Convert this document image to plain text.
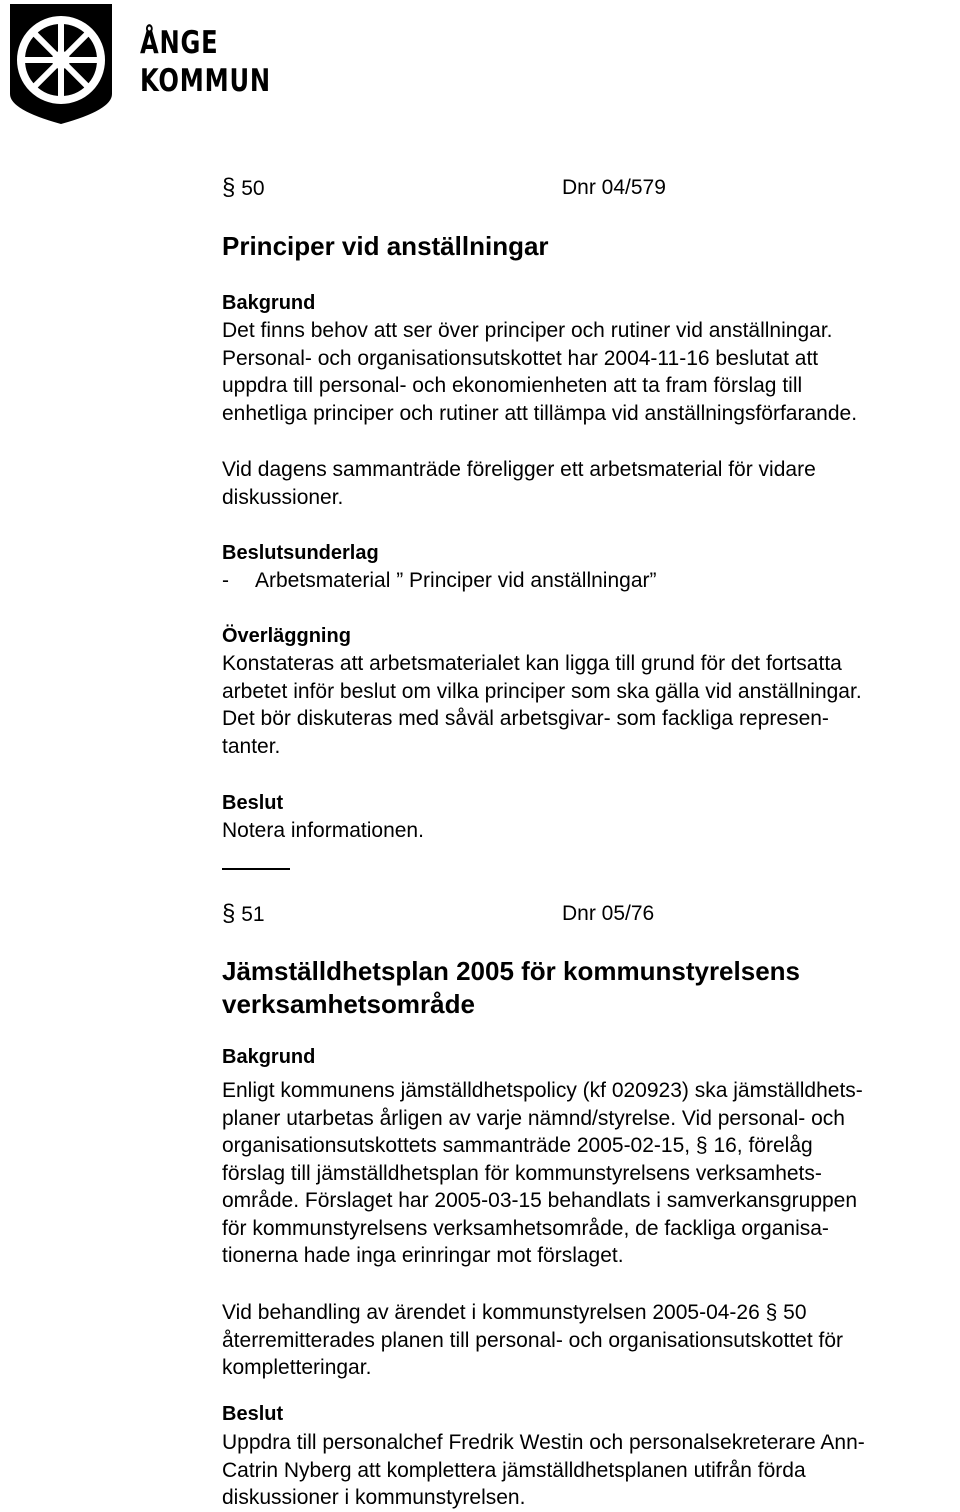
ÅNGE
KOMMUN
§ 50	Dnr 04/579
Principer vid anställningar
Bakgrund
Det finns behov att ser över principer och rutiner vid anställningar.
Personal- och organisationsutskottet har 2004-11-16 beslutat att
uppdra till personal- och ekonomienheten att ta fram förslag till
enhetliga principer och rutiner att tillämpa vid anställningsförfarande.
Vid dagens sammanträde föreligger ett arbetsmaterial för vidare
diskussioner.
Beslutsunderlag
- Arbetsmaterial ” Principer vid anställningar”
Överläggning
Konstateras att arbetsmaterialet kan ligga till grund för det fortsatta
arbetet inför beslut om vilka principer som ska gälla vid anställningar.
Det bör diskuteras med såväl arbetsgivar- som fackliga represen-
tanter.
Beslut
Notera informationen.
§ 51	Dnr 05/76
Jämställdhetsplan 2005 för kommunstyrelsens
verksamhetsområde
Bakgrund
Enligt kommunens jämställdhetspolicy (kf 020923) ska jämställdhets-
planer utarbetas årligen av varje nämnd/styrelse. Vid personal- och
organisationsutskottets sammanträde 2005-02-15, § 16, förelåg
förslag till jämställdhetsplan för kommunstyrelsens verksamhets-
område. Förslaget har 2005-03-15 behandlats i samverkansgruppen
för kommunstyrelsens verksamhetsområde, de fackliga organisa-
tionerna hade inga erinringar mot förslaget.
Vid behandling av ärendet i kommunstyrelsen 2005-04-26 § 50
återremitterades planen till personal- och organisationsutskottet för
kompletteringar.
Beslut
Uppdra till personalchef Fredrik Westin och personalsekreterare Ann-
Catrin Nyberg att komplettera jämställdhetsplanen utifrån förda
diskussioner i kommunstyrelsen.
